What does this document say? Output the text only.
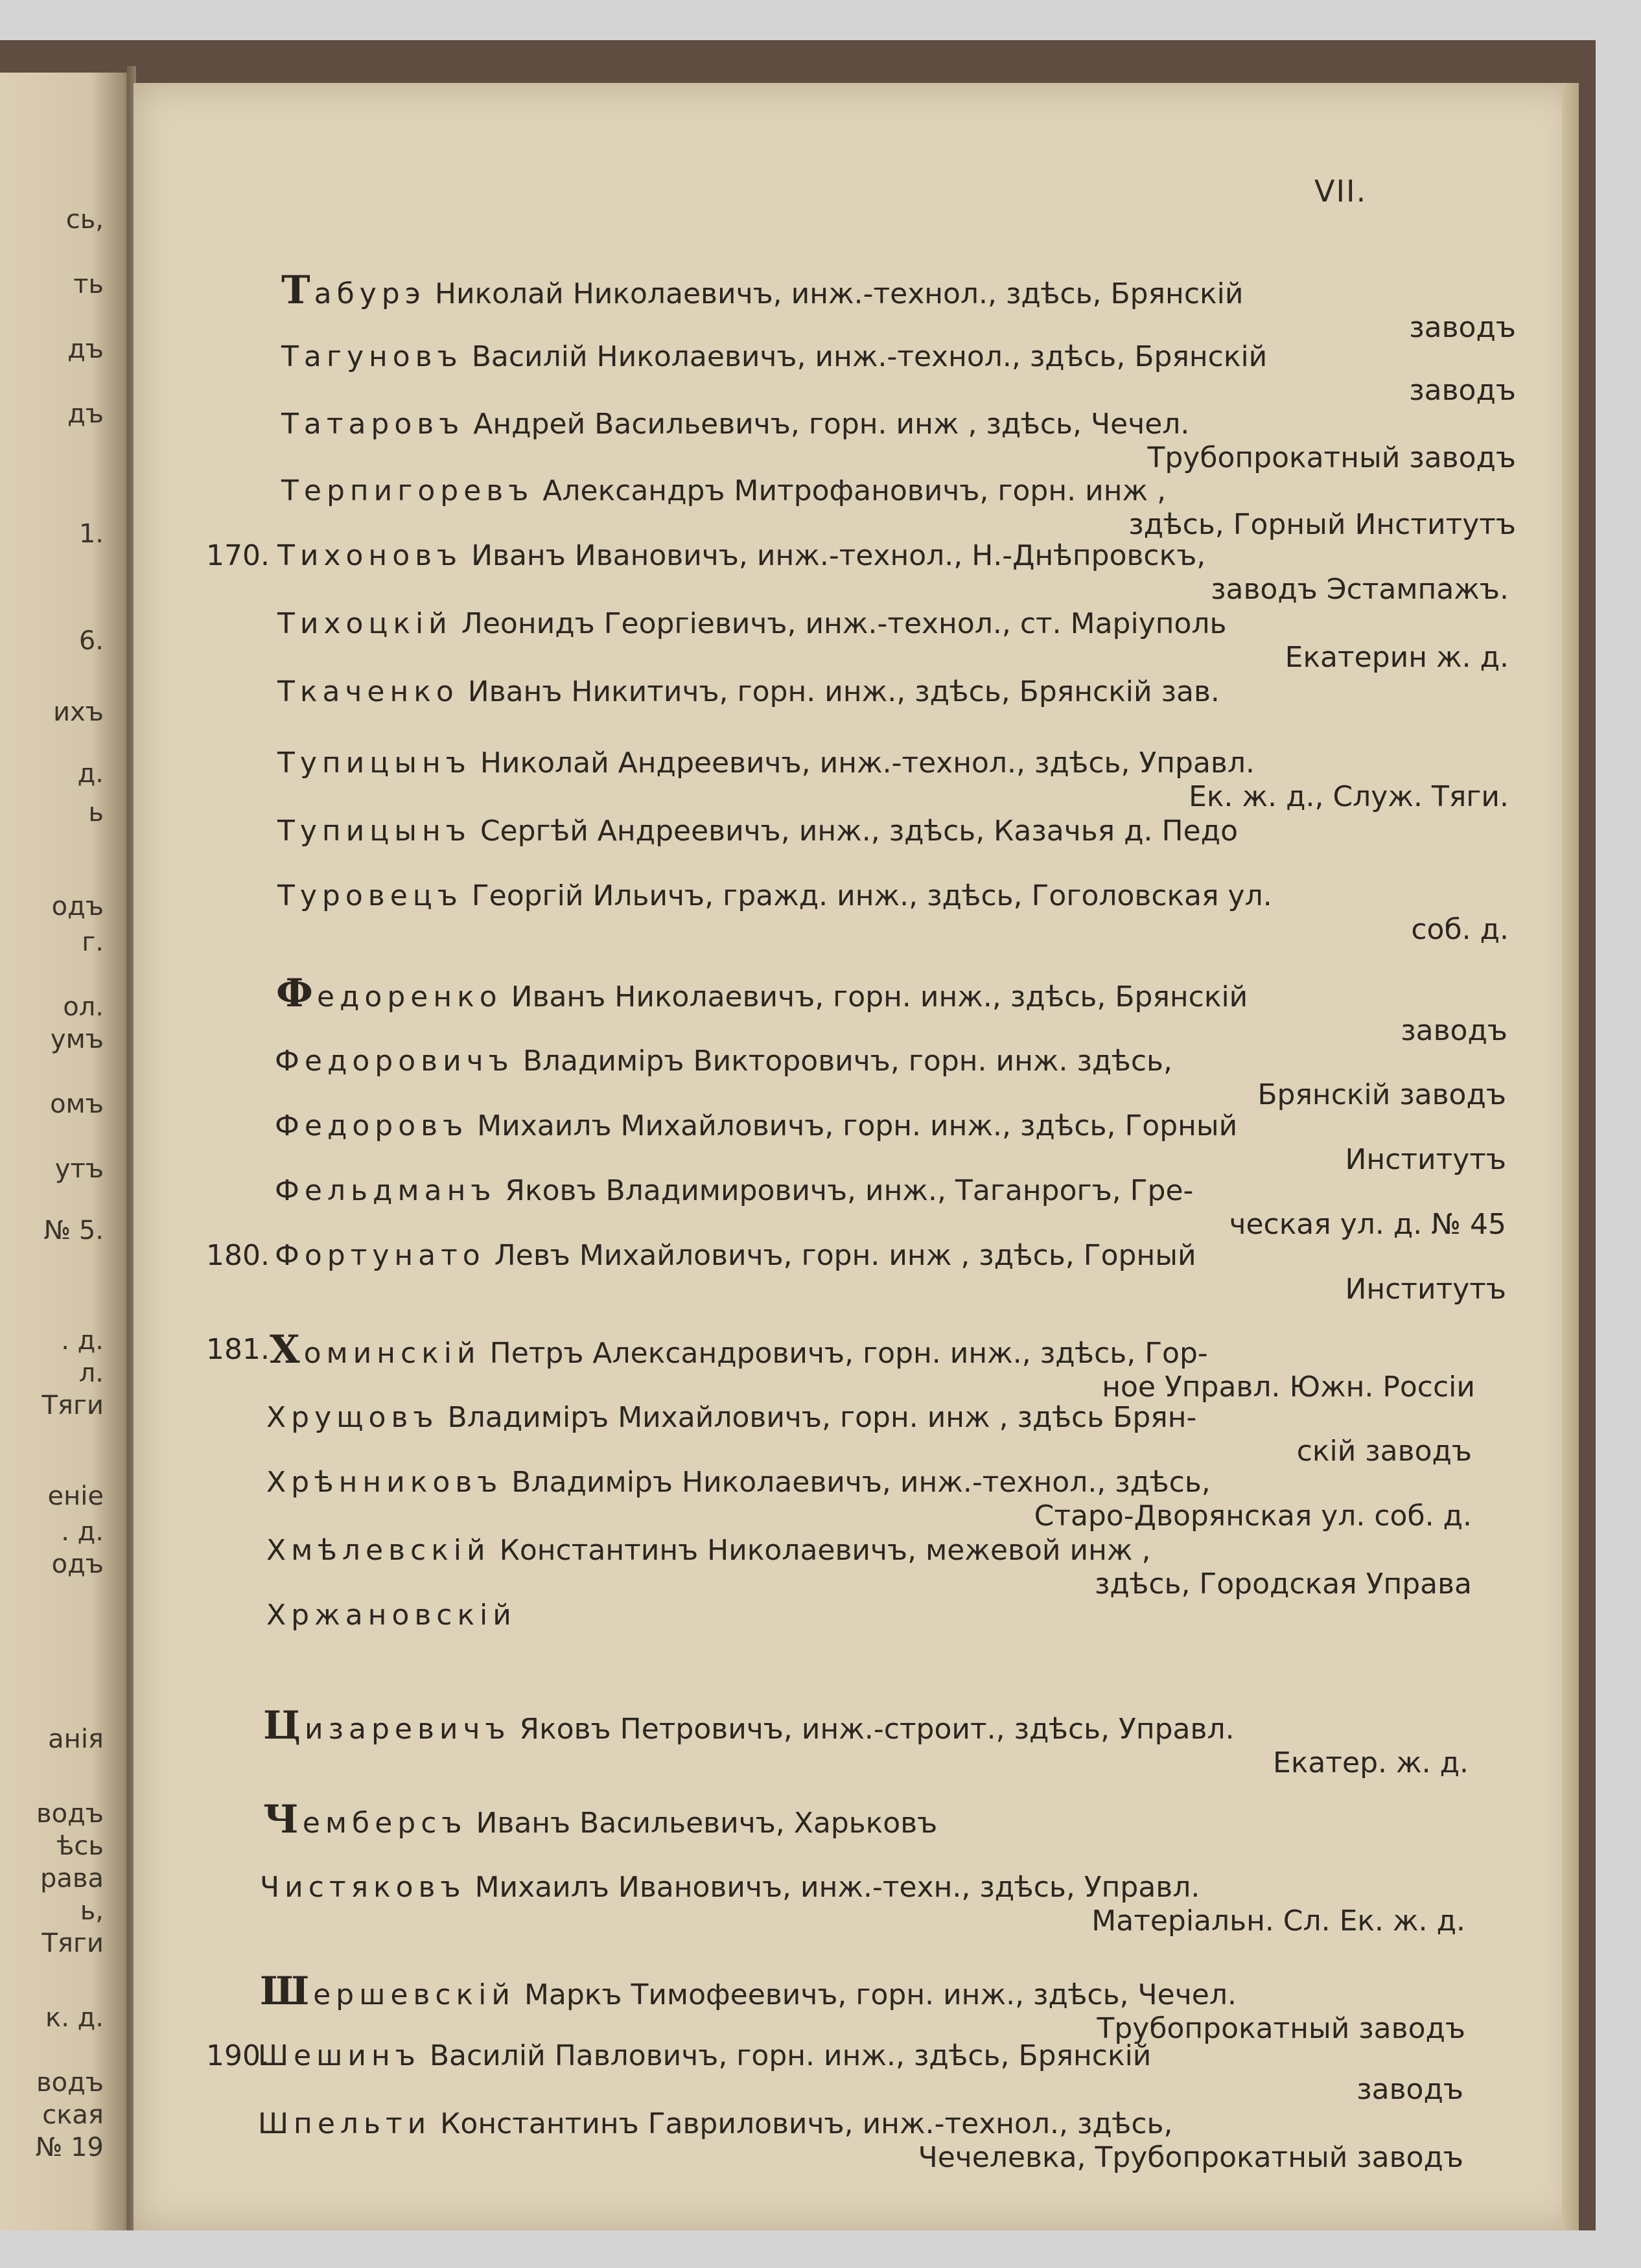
сь,
ть
дъ
дъ
1.
6.
ихъ
д.
ь
одъ
г.
ол.
умъ
омъ
утъ
№ 5.
. д.
л.
Тяги
еніе
. д.
одъ
анія
водъ
ѣсь
рава
ь,
Тяги
к. д.
водъ
ская
№ 19
VII.
Табурэ Николай Николаевичъ, инж.-технол., здѣсь, Брянскій
заводъ
Тагуновъ Василій Николаевичъ, инж.-технол., здѣсь, Брянскій
заводъ
Татаровъ Андрей Васильевичъ, горн. инж , здѣсь, Чечел.
Трубопрокатный заводъ
Терпигоревъ Александръ Митрофановичъ, горн. инж ,
здѣсь, Горный Институтъ
170. Тихоновъ Иванъ Ивановичъ, инж.-технол., Н.-Днѣпровскъ,
заводъ Эстампажъ.
Тихоцкій Леонидъ Георгіевичъ, инж.-технол., ст. Маріуполь
Екатерин ж. д.
Ткаченко Иванъ Никитичъ, горн. инж., здѣсь, Брянскій зав.
Тупицынъ Николай Андреевичъ, инж.-технол., здѣсь, Управл.
Ек. ж. д., Служ. Тяги.
Тупицынъ Сергѣй Андреевичъ, инж., здѣсь, Казачья д. Педо
Туровецъ Георгій Ильичъ, гражд. инж., здѣсь, Гоголовская ул.
соб. д.
Федоренко Иванъ Николаевичъ, горн. инж., здѣсь, Брянскій
заводъ
Федоровичъ Владиміръ Викторовичъ, горн. инж. здѣсь,
Брянскій заводъ
Федоровъ Михаилъ Михайловичъ, горн. инж., здѣсь, Горный
Институтъ
Фельдманъ Яковъ Владимировичъ, инж., Таганрогъ, Гре-
ческая ул. д. № 45
180. Фортунато Левъ Михайловичъ, горн. инж , здѣсь, Горный
Институтъ
181. Хоминскій Петръ Александровичъ, горн. инж., здѣсь, Гор-
ное Управл. Южн. Россіи
Хрущовъ Владиміръ Михайловичъ, горн. инж , здѣсь Брян-
скій заводъ
Хрѣнниковъ Владиміръ Николаевичъ, инж.-технол., здѣсь,
Старо-Дворянская ул. соб. д.
Хмѣлевскій Константинъ Николаевичъ, межевой инж ,
здѣсь, Городская Управа
Хржановскій
Цизаревичъ Яковъ Петровичъ, инж.-строит., здѣсь, Управл.
Екатер. ж. д.
Чемберсъ Иванъ Васильевичъ, Харьковъ
Чистяковъ Михаилъ Ивановичъ, инж.-техн., здѣсь, Управл.
Матеріальн. Сл. Ек. ж. д.
Шершевскій Маркъ Тимофеевичъ, горн. инж., здѣсь, Чечел.
Трубопрокатный заводъ
190.
Шешинъ Василій Павловичъ, горн. инж., здѣсь, Брянскій
заводъ
Шпельти Константинъ Гавриловичъ, инж.-технол., здѣсь,
Чечелевка, Трубопрокатный заводъ
